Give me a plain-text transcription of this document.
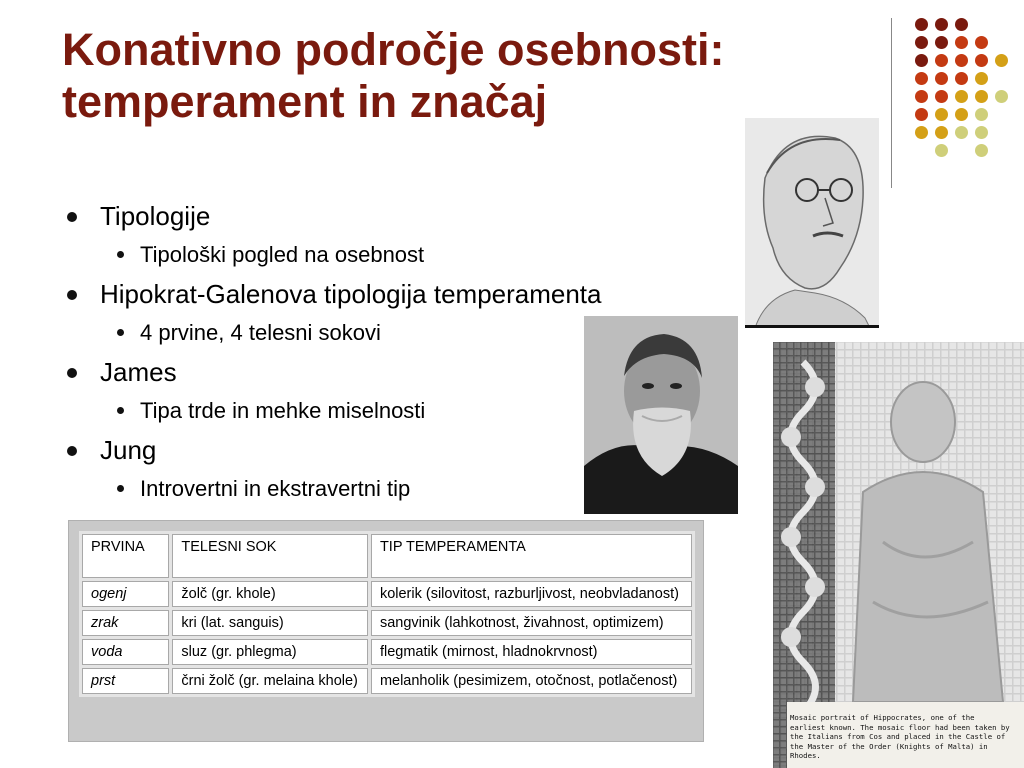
Konativno področje osebnosti:
temperament in značaj
Tipologije
Tipološki pogled na osebnost
Hipokrat-Galenova tipologija temperamenta
4 prvine, 4 telesni sokovi
James
Tipa trde in mehke miselnosti
Jung
Introvertni in ekstravertni tip
Mosaic portrait of Hippocrates, one of the earliest known. The mosaic floor had been taken by the Italians from Cos and placed in the Castle of the Master of the Order (Knights of Malta) in Rhodes.
PRVINA	TELESNI SOK	TIP TEMPERAMENTA
ogenj	žolč (gr. khole)	kolerik (silovitost, razburljivost, neobvladanost)
zrak	kri (lat. sanguis)	sangvinik (lahkotnost, živahnost, optimizem)
voda	sluz (gr. phlegma)	flegmatik (mirnost, hladnokrvnost)
prst	črni žolč (gr. melaina khole)	melanholik (pesimizem, otočnost, potlačenost)
